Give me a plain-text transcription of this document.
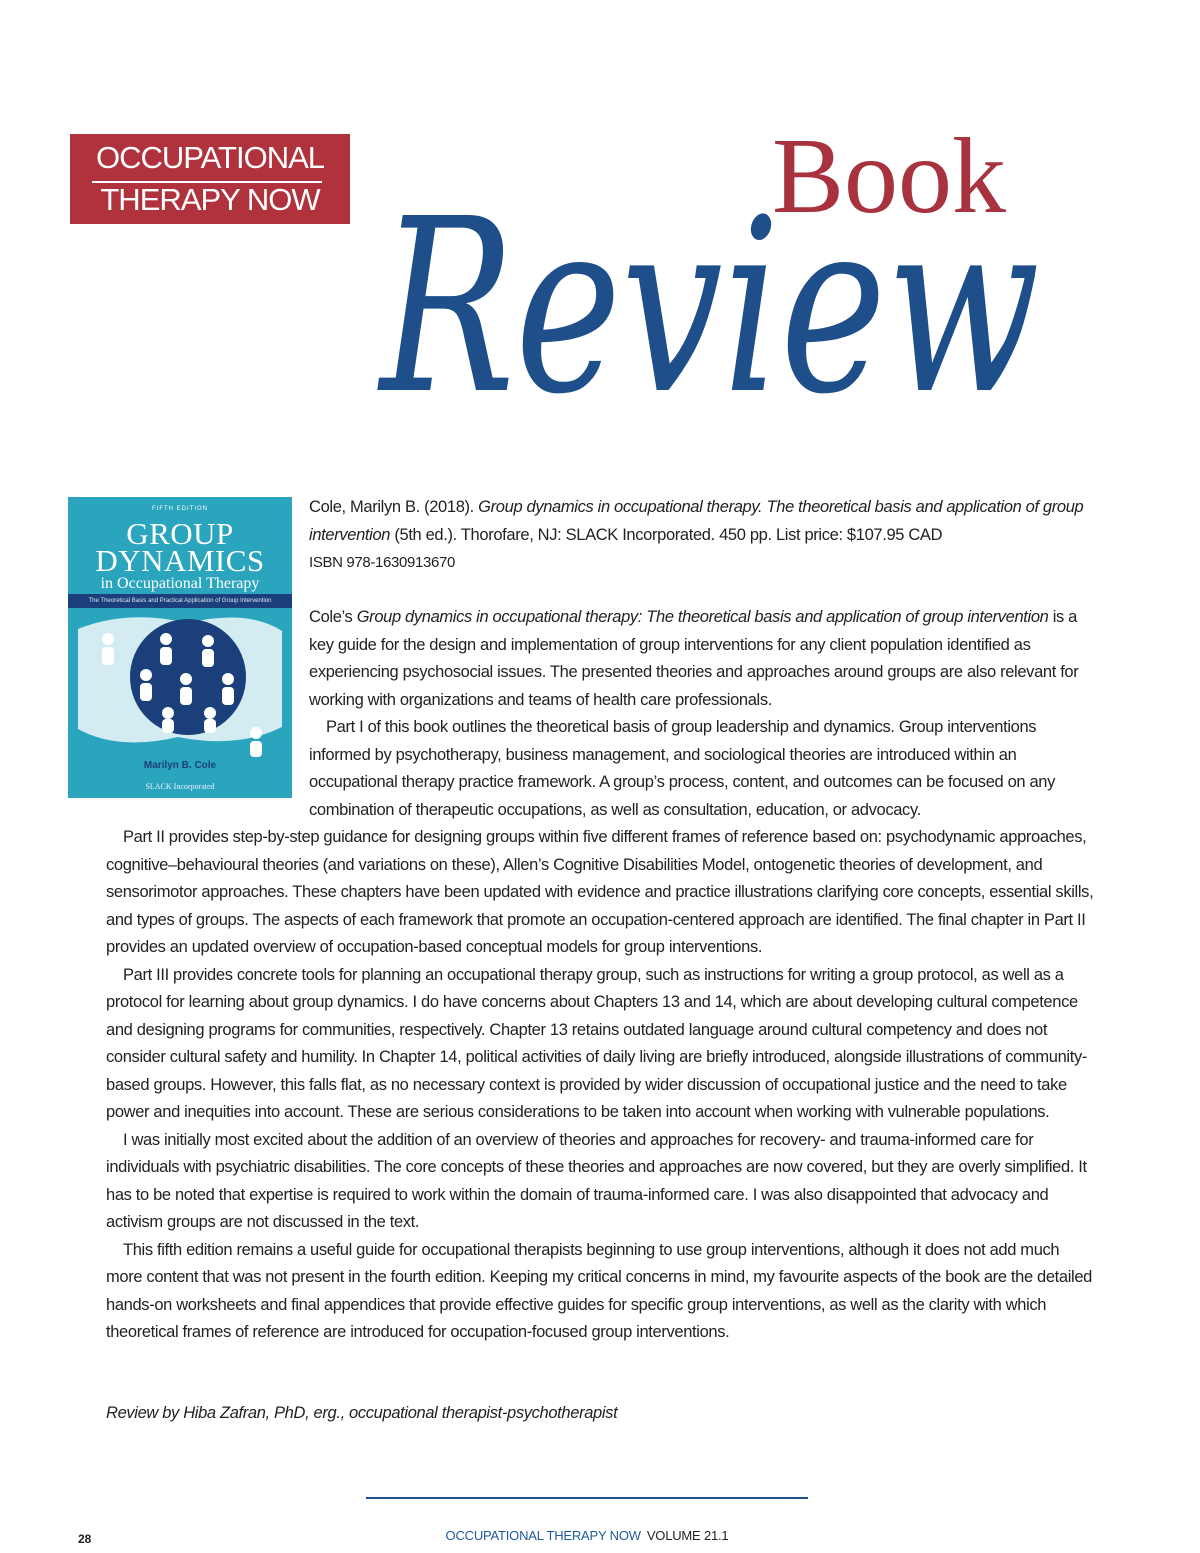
OCCUPATIONAL
THERAPY NOW	Book
Review
FIFTH EDITION
GROUP
DYNAMICS
in Occupational Therapy
The Theoretical Basis and Practical Application of Group Intervention
Marilyn B. Cole
SLACK Incorporated
Cole, Marilyn B. (2018). Group dynamics in occupational therapy. The theoretical basis and application of group intervention (5th ed.). Thorofare, NJ: SLACK Incorporated. 450 pp. List price: $107.95 CAD
ISBN 978-1630913670

Cole’s Group dynamics in occupational therapy: The theoretical basis and application of group intervention is a key guide for the design and implementation of group interventions for any client population identified as experiencing psychosocial issues. The presented theories and approaches around groups are also relevant for working with organizations and teams of health care professionals.

Part I of this book outlines the theoretical basis of group leadership and dynamics. Group interventions informed by psychotherapy, business management, and sociological theories are introduced within an occupational therapy practice framework. A group’s process, content, and outcomes can be focused on any combination of therapeutic occupations, as well as consultation, education, or advocacy.

Part II provides step-by-step guidance for designing groups within five different frames of reference based on: psychodynamic approaches, cognitive–behavioural theories (and variations on these), Allen’s Cognitive Disabilities Model, ontogenetic theories of development, and sensorimotor approaches. These chapters have been updated with evidence and practice illustrations clarifying core concepts, essential skills, and types of groups. The aspects of each framework that promote an occupation-centered approach are identified. The final chapter in Part II provides an updated overview of occupation-based conceptual models for group interventions.

Part III provides concrete tools for planning an occupational therapy group, such as instructions for writing a group protocol, as well as a protocol for learning about group dynamics. I do have concerns about Chapters 13 and 14, which are about developing cultural competence and designing programs for communities, respectively. Chapter 13 retains outdated language around cultural competency and does not consider cultural safety and humility. In Chapter 14, political activities of daily living are briefly introduced, alongside illustrations of community-based groups. However, this falls flat, as no necessary context is provided by wider discussion of occupational justice and the need to take power and inequities into account. These are serious considerations to be taken into account when working with vulnerable populations.

I was initially most excited about the addition of an overview of theories and approaches for recovery- and trauma-informed care for individuals with psychiatric disabilities. The core concepts of these theories and approaches are now covered, but they are overly simplified. It has to be noted that expertise is required to work within the domain of trauma-informed care. I was also disappointed that advocacy and activism groups are not discussed in the text.

This fifth edition remains a useful guide for occupational therapists beginning to use group interventions, although it does not add much more content that was not present in the fourth edition. Keeping my critical concerns in mind, my favourite aspects of the book are the detailed hands-on worksheets and final appendices that provide effective guides for specific group interventions, as well as the clarity with which theoretical frames of reference are introduced for occupation-focused group interventions.

Review by Hiba Zafran, PhD, erg., occupational therapist-psychotherapist
28	OCCUPATIONAL THERAPY NOW VOLUME 21.1
